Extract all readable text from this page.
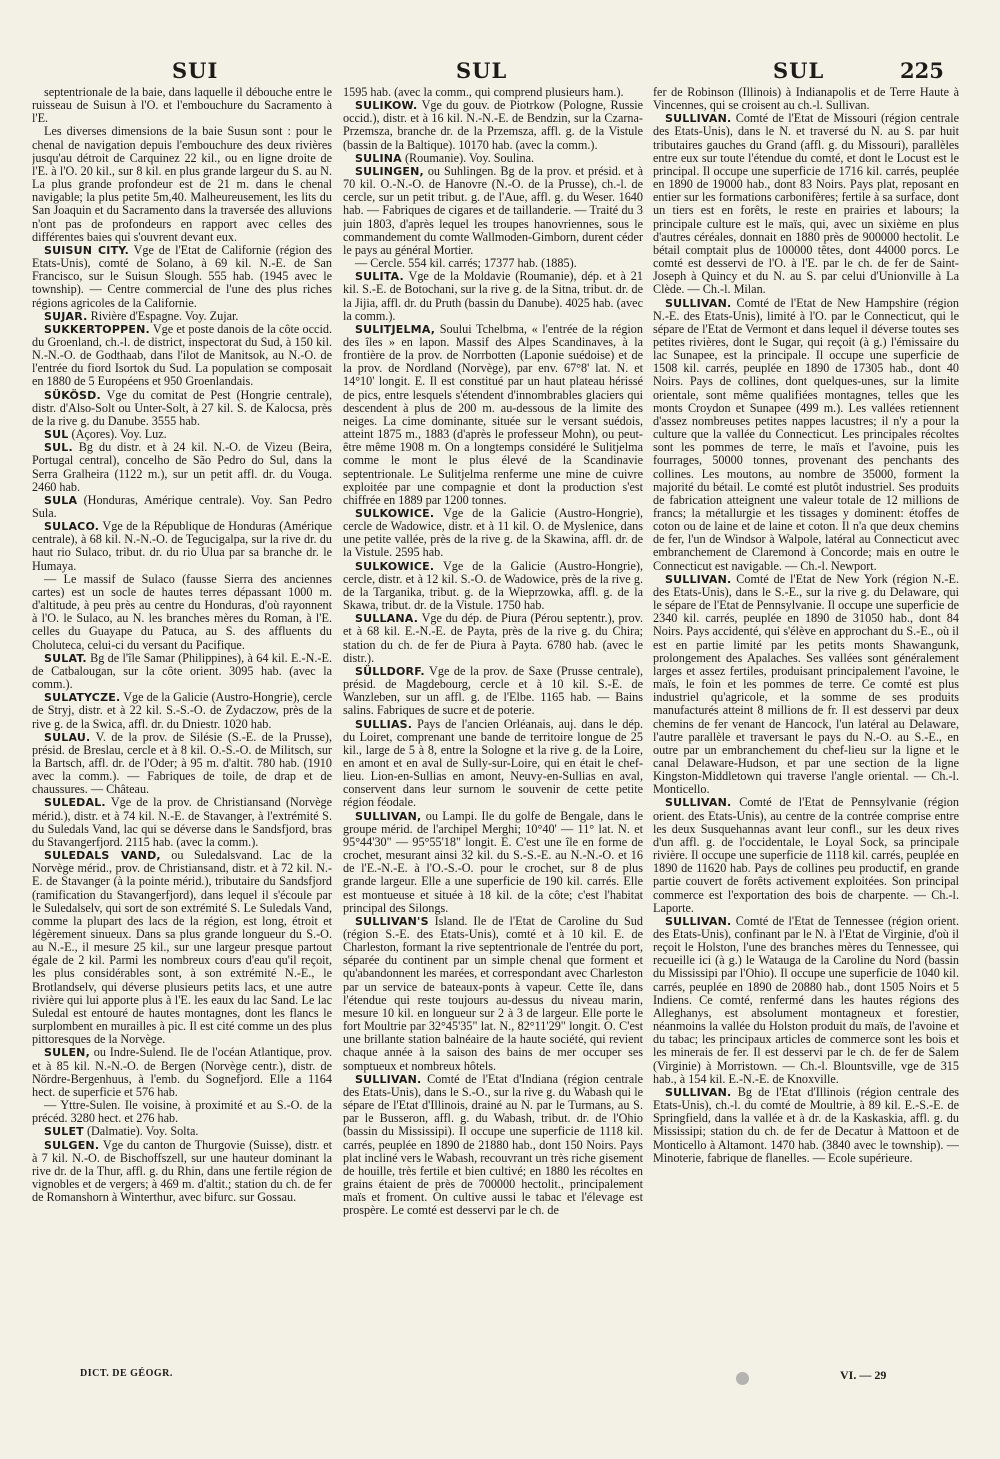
SUI	SUL	SUL	225

septentrionale de la baie, dans laquelle il débouche entre le ruisseau de Suisun à l'O. et l'embouchure du Sacramento à l'E.

Les diverses dimensions de la baie Susun sont : pour le chenal de navigation depuis l'embouchure des deux rivières jusqu'au détroit de Carquinez 22 kil., ou en ligne droite de l'E. à l'O. 20 kil., sur 8 kil. en plus grande largeur du S. au N. La plus grande profondeur est de 21 m. dans le chenal navigable; la plus petite 5m,40. Malheureusement, les lits du San Joaquin et du Sacramento dans la traversée des alluvions n'ont pas de profondeurs en rapport avec celles des différentes baies qui s'ouvrent devant eux.

SUISUN CITY. Vge de l'Etat de Californie (région des Etats-Unis), comté de Solano, à 69 kil. N.-E. de San Francisco, sur le Suisun Slough. 555 hab. (1945 avec le township). — Centre commercial de l'une des plus riches régions agricoles de la Californie.

SUJAR. Rivière d'Espagne. Voy. Zujar.

SUKKERTOPPEN. Vge et poste danois de la côte occid. du Groenland, ch.-l. de district, inspectorat du Sud, à 150 kil. N.-N.-O. de Godthaab, dans l'ilot de Manitsok, au N.-O. de l'entrée du fiord Isortok du Sud. La population se composait en 1880 de 5 Européens et 950 Groenlandais.

SÜKÖSD. Vge du comitat de Pest (Hongrie centrale), distr. d'Also-Solt ou Unter-Solt, à 27 kil. S. de Kalocsa, près de la rive g. du Danube. 3555 hab.

SUL (Açores). Voy. Luz.

SUL. Bg du distr. et à 24 kil. N.-O. de Vizeu (Beira, Portugal central), concelho de São Pedro do Sul, dans la Serra Gralheira (1122 m.), sur un petit affl. dr. du Vouga. 2460 hab.

SULA (Honduras, Amérique centrale). Voy. San Pedro Sula.

SULACO. Vge de la République de Honduras (Amérique centrale), à 68 kil. N.-N.-O. de Tegucigalpa, sur la rive dr. du haut rio Sulaco, tribut. dr. du rio Ulua par sa branche dr. le Humaya.

— Le massif de Sulaco (fausse Sierra des anciennes cartes) est un socle de hautes terres dépassant 1000 m. d'altitude, à peu près au centre du Honduras, d'où rayonnent à l'O. le Sulaco, au N. les branches mères du Roman, à l'E. celles du Guayape du Patuca, au S. des affluents du Choluteca, celui-ci du versant du Pacifique.

SULAT. Bg de l'île Samar (Philippines), à 64 kil. E.-N.-E. de Catbalougan, sur la côte orient. 3095 hab. (avec la comm.).

SULATYCZE. Vge de la Galicie (Austro-Hongrie), cercle de Stryj, distr. et à 22 kil. S.-S.-O. de Zydaczow, près de la rive g. de la Swica, affl. dr. du Dniestr. 1020 hab.

SULAU. V. de la prov. de Silésie (S.-E. de la Prusse), présid. de Breslau, cercle et à 8 kil. O.-S.-O. de Militsch, sur la Bartsch, affl. dr. de l'Oder; à 95 m. d'altit. 780 hab. (1910 avec la comm.). — Fabriques de toile, de drap et de chaussures. — Château.

SULEDAL. Vge de la prov. de Christiansand (Norvège mérid.), distr. et à 74 kil. N.-E. de Stavanger, à l'extrémité S. du Suledals Vand, lac qui se déverse dans le Sandsfjord, bras du Stavangerfjord. 2115 hab. (avec la comm.).

SULEDALS VAND, ou Suledalsvand. Lac de la Norvège mérid., prov. de Christiansand, distr. et à 72 kil. N.-E. de Stavanger (à la pointe mérid.), tributaire du Sandsfjord (ramification du Stavangerfjord), dans lequel il s'écoule par le Suledalselv, qui sort de son extrémité S. Le Suledals Vand, comme la plupart des lacs de la région, est long, étroit et légèrement sinueux. Dans sa plus grande longueur du S.-O. au N.-E., il mesure 25 kil., sur une largeur presque partout égale de 2 kil. Parmi les nombreux cours d'eau qu'il reçoit, les plus considérables sont, à son extrémité N.-E., le Brotlandselv, qui déverse plusieurs petits lacs, et une autre rivière qui lui apporte plus à l'E. les eaux du lac Sand. Le lac Suledal est entouré de hautes montagnes, dont les flancs le surplombent en murailles à pic. Il est cité comme un des plus pittoresques de la Norvège.

SULEN, ou Indre-Sulend. Ile de l'océan Atlantique, prov. et à 85 kil. N.-N.-O. de Bergen (Norvège centr.), distr. de Nördre-Bergenhuus, à l'emb. du Sognefjord. Elle a 1164 hect. de superficie et 576 hab.

— Yttre-Sulen. Ile voisine, à proximité et au S.-O. de la précéd. 3280 hect. et 276 hab.

SULET (Dalmatie). Voy. Solta.

SULGEN. Vge du canton de Thurgovie (Suisse), distr. et à 7 kil. N.-O. de Bischoffszell, sur une hauteur dominant la rive dr. de la Thur, affl. g. du Rhin, dans une fertile région de vignobles et de vergers; à 469 m. d'altit.; station du ch. de fer de Romanshorn à Winterthur, avec bifurc. sur Gossau.

1595 hab. (avec la comm., qui comprend plusieurs ham.).

SULIKOW. Vge du gouv. de Piotrkow (Pologne, Russie occid.), distr. et à 16 kil. N.-N.-E. de Bendzin, sur la Czarna-Przemsza, branche dr. de la Przemsza, affl. g. de la Vistule (bassin de la Baltique). 10170 hab. (avec la comm.).

SULINA (Roumanie). Voy. Soulina.

SULINGEN, ou Suhlingen. Bg de la prov. et présid. et à 70 kil. O.-N.-O. de Hanovre (N.-O. de la Prusse), ch.-l. de cercle, sur un petit tribut. g. de l'Aue, affl. g. du Weser. 1640 hab. — Fabriques de cigares et de taillanderie. — Traité du 3 juin 1803, d'après lequel les troupes hanovriennes, sous le commandement du comte Wallmoden-Gimborn, durent céder le pays au général Mortier.

— Cercle. 554 kil. carrés; 17377 hab. (1885).

SULITA. Vge de la Moldavie (Roumanie), dép. et à 21 kil. S.-E. de Botochani, sur la rive g. de la Sitna, tribut. dr. de la Jijia, affl. dr. du Pruth (bassin du Danube). 4025 hab. (avec la comm.).

SULITJELMA, Soului Tchelbma, « l'entrée de la région des îles » en lapon. Massif des Alpes Scandinaves, à la frontière de la prov. de Norrbotten (Laponie suédoise) et de la prov. de Nordland (Norvège), par env. 67°8' lat. N. et 14°10' longit. E. Il est constitué par un haut plateau hérissé de pics, entre lesquels s'étendent d'innombrables glaciers qui descendent à plus de 200 m. au-dessous de la limite des neiges. La cime dominante, située sur le versant suédois, atteint 1875 m., 1883 (d'après le professeur Mohn), ou peut-être même 1908 m. On a longtemps considéré le Sulitjelma comme le mont le plus élevé de la Scandinavie septentrionale. Le Sulitjelma renferme une mine de cuivre exploitée par une compagnie et dont la production s'est chiffrée en 1889 par 1200 tonnes.

SULKOWICE. Vge de la Galicie (Austro-Hongrie), cercle de Wadowice, distr. et à 11 kil. O. de Myslenice, dans une petite vallée, près de la rive g. de la Skawina, affl. dr. de la Vistule. 2595 hab.

SULKOWICE. Vge de la Galicie (Austro-Hongrie), cercle, distr. et à 12 kil. S.-O. de Wadowice, près de la rive g. de la Targanika, tribut. g. de la Wieprzowka, affl. g. de la Skawa, tribut. dr. de la Vistule. 1750 hab.

SULLANA. Vge du dép. de Piura (Pérou septentr.), prov. et à 68 kil. E.-N.-E. de Payta, près de la rive g. du Chira; station du ch. de fer de Piura à Payta. 6780 hab. (avec le distr.).

SÜLLDORF. Vge de la prov. de Saxe (Prusse centrale), présid. de Magdebourg, cercle et à 10 kil. S.-E. de Wanzleben, sur un affl. g. de l'Elbe. 1165 hab. — Bains salins. Fabriques de sucre et de poterie.

SULLIAS. Pays de l'ancien Orléanais, auj. dans le dép. du Loiret, comprenant une bande de territoire longue de 25 kil., large de 5 à 8, entre la Sologne et la rive g. de la Loire, en amont et en aval de Sully-sur-Loire, qui en était le chef-lieu. Lion-en-Sullias en amont, Neuvy-en-Sullias en aval, conservent dans leur surnom le souvenir de cette petite région féodale.

SULLIVAN, ou Lampi. Ile du golfe de Bengale, dans le groupe mérid. de l'archipel Merghi; 10°40' — 11° lat. N. et 95°44'30" — 95°55'18" longit. E. C'est une île en forme de crochet, mesurant ainsi 32 kil. du S.-S.-E. au N.-N.-O. et 16 de l'E.-N.-E. à l'O.-S.-O. pour le crochet, sur 8 de plus grande largeur. Elle a une superficie de 190 kil. carrés. Elle est montueuse et située à 18 kil. de la côte; c'est l'habitat principal des Silongs.

SULLIVAN'S Island. Ile de l'Etat de Caroline du Sud (région S.-E. des Etats-Unis), comté et à 10 kil. E. de Charleston, formant la rive septentrionale de l'entrée du port, séparée du continent par un simple chenal que forment et qu'abandonnent les marées, et correspondant avec Charleston par un service de bateaux-ponts à vapeur. Cette île, dans l'étendue qui reste toujours au-dessus du niveau marin, mesure 10 kil. en longueur sur 2 à 3 de largeur. Elle porte le fort Moultrie par 32°45'35" lat. N., 82°11'29" longit. O. C'est une brillante station balnéaire de la haute société, qui revient chaque année à la saison des bains de mer occuper ses somptueux et nombreux hôtels.

SULLIVAN. Comté de l'Etat d'Indiana (région centrale des Etats-Unis), dans le S.-O., sur la rive g. du Wabash qui le sépare de l'Etat d'Illinois, drainé au N. par le Turmans, au S. par le Busseron, affl. g. du Wabash, tribut. dr. de l'Ohio (bassin du Mississipi). Il occupe une superficie de 1118 kil. carrés, peuplée en 1890 de 21880 hab., dont 150 Noirs. Pays plat incliné vers le Wabash, recouvrant un très riche gisement de houille, très fertile et bien cultivé; en 1880 les récoltes en grains étaient de près de 700000 hectolit., principalement maïs et froment. On cultive aussi le tabac et l'élevage est prospère. Le comté est desservi par le ch. de

fer de Robinson (Illinois) à Indianapolis et de Terre Haute à Vincennes, qui se croisent au ch.-l. Sullivan.

SULLIVAN. Comté de l'Etat de Missouri (région centrale des Etats-Unis), dans le N. et traversé du N. au S. par huit tributaires gauches du Grand (affl. g. du Missouri), parallèles entre eux sur toute l'étendue du comté, et dont le Locust est le principal. Il occupe une superficie de 1716 kil. carrés, peuplée en 1890 de 19000 hab., dont 83 Noirs. Pays plat, reposant en entier sur les formations carbonifères; fertile à sa surface, dont un tiers est en forêts, le reste en prairies et labours; la principale culture est le maïs, qui, avec un sixième en plus d'autres céréales, donnait en 1880 près de 900000 hectolit. Le bétail comptait plus de 100000 têtes, dont 44000 porcs. Le comté est desservi de l'O. à l'E. par le ch. de fer de Saint-Joseph à Quincy et du N. au S. par celui d'Unionville à La Clède. — Ch.-l. Milan.

SULLIVAN. Comté de l'Etat de New Hampshire (région N.-E. des Etats-Unis), limité à l'O. par le Connecticut, qui le sépare de l'Etat de Vermont et dans lequel il déverse toutes ses petites rivières, dont le Sugar, qui reçoit (à g.) l'émissaire du lac Sunapee, est la principale. Il occupe une superficie de 1508 kil. carrés, peuplée en 1890 de 17305 hab., dont 40 Noirs. Pays de collines, dont quelques-unes, sur la limite orientale, sont même qualifiées montagnes, telles que les monts Croydon et Sunapee (499 m.). Les vallées retiennent d'assez nombreuses petites nappes lacustres; il n'y a pour la culture que la vallée du Connecticut. Les principales récoltes sont les pommes de terre, le maïs et l'avoine, puis les fourrages, 50000 tonnes, provenant des penchants des collines. Les moutons, au nombre de 35000, forment la majorité du bétail. Le comté est plutôt industriel. Ses produits de fabrication atteignent une valeur totale de 12 millions de francs; la métallurgie et les tissages y dominent: étoffes de coton ou de laine et de laine et coton. Il n'a que deux chemins de fer, l'un de Windsor à Walpole, latéral au Connecticut avec embranchement de Claremond à Concorde; mais en outre le Connecticut est navigable. — Ch.-l. Newport.

SULLIVAN. Comté de l'Etat de New York (région N.-E. des Etats-Unis), dans le S.-E., sur la rive g. du Delaware, qui le sépare de l'Etat de Pennsylvanie. Il occupe une superficie de 2340 kil. carrés, peuplée en 1890 de 31050 hab., dont 84 Noirs. Pays accidenté, qui s'élève en approchant du S.-E., où il est en partie limité par les petits monts Shawangunk, prolongement des Apalaches. Ses vallées sont généralement larges et assez fertiles, produisant principalement l'avoine, le maïs, le foin et les pommes de terre. Ce comté est plus industriel qu'agricole, et la somme de ses produits manufacturés atteint 8 millions de fr. Il est desservi par deux chemins de fer venant de Hancock, l'un latéral au Delaware, l'autre parallèle et traversant le pays du N.-O. au S.-E., en outre par un embranchement du chef-lieu sur la ligne et le canal Delaware-Hudson, et par une section de la ligne Kingston-Middletown qui traverse l'angle oriental. — Ch.-l. Monticello.

SULLIVAN. Comté de l'Etat de Pennsylvanie (région orient. des Etats-Unis), au centre de la contrée comprise entre les deux Susquehannas avant leur confl., sur les deux rives d'un affl. g. de l'occidentale, le Loyal Sock, sa principale rivière. Il occupe une superficie de 1118 kil. carrés, peuplée en 1890 de 11620 hab. Pays de collines peu productif, en grande partie couvert de forêts activement exploitées. Son principal commerce est l'exportation des bois de charpente. — Ch.-l. Laporte.

SULLIVAN. Comté de l'Etat de Tennessee (région orient. des Etats-Unis), confinant par le N. à l'Etat de Virginie, d'où il reçoit le Holston, l'une des branches mères du Tennessee, qui recueille ici (à g.) le Watauga de la Caroline du Nord (bassin du Mississipi par l'Ohio). Il occupe une superficie de 1040 kil. carrés, peuplée en 1890 de 20880 hab., dont 1505 Noirs et 5 Indiens. Ce comté, renfermé dans les hautes régions des Alleghanys, est absolument montagneux et forestier, néanmoins la vallée du Holston produit du maïs, de l'avoine et du tabac; les principaux articles de commerce sont les bois et les minerais de fer. Il est desservi par le ch. de fer de Salem (Virginie) à Morristown. — Ch.-l. Blountsville, vge de 315 hab., à 154 kil. E.-N.-E. de Knoxville.

SULLIVAN. Bg de l'Etat d'Illinois (région centrale des Etats-Unis), ch.-l. du comté de Moultrie, à 89 kil. E.-S.-E. de Springfield, dans la vallée et à dr. de la Kaskaskia, affl. g. du Mississipi; station du ch. de fer de Decatur à Mattoon et de Monticello à Altamont. 1470 hab. (3840 avec le township). — Minoterie, fabrique de flanelles. — Ecole supérieure.

DICT. DE GÉOGR.	VI. — 29
